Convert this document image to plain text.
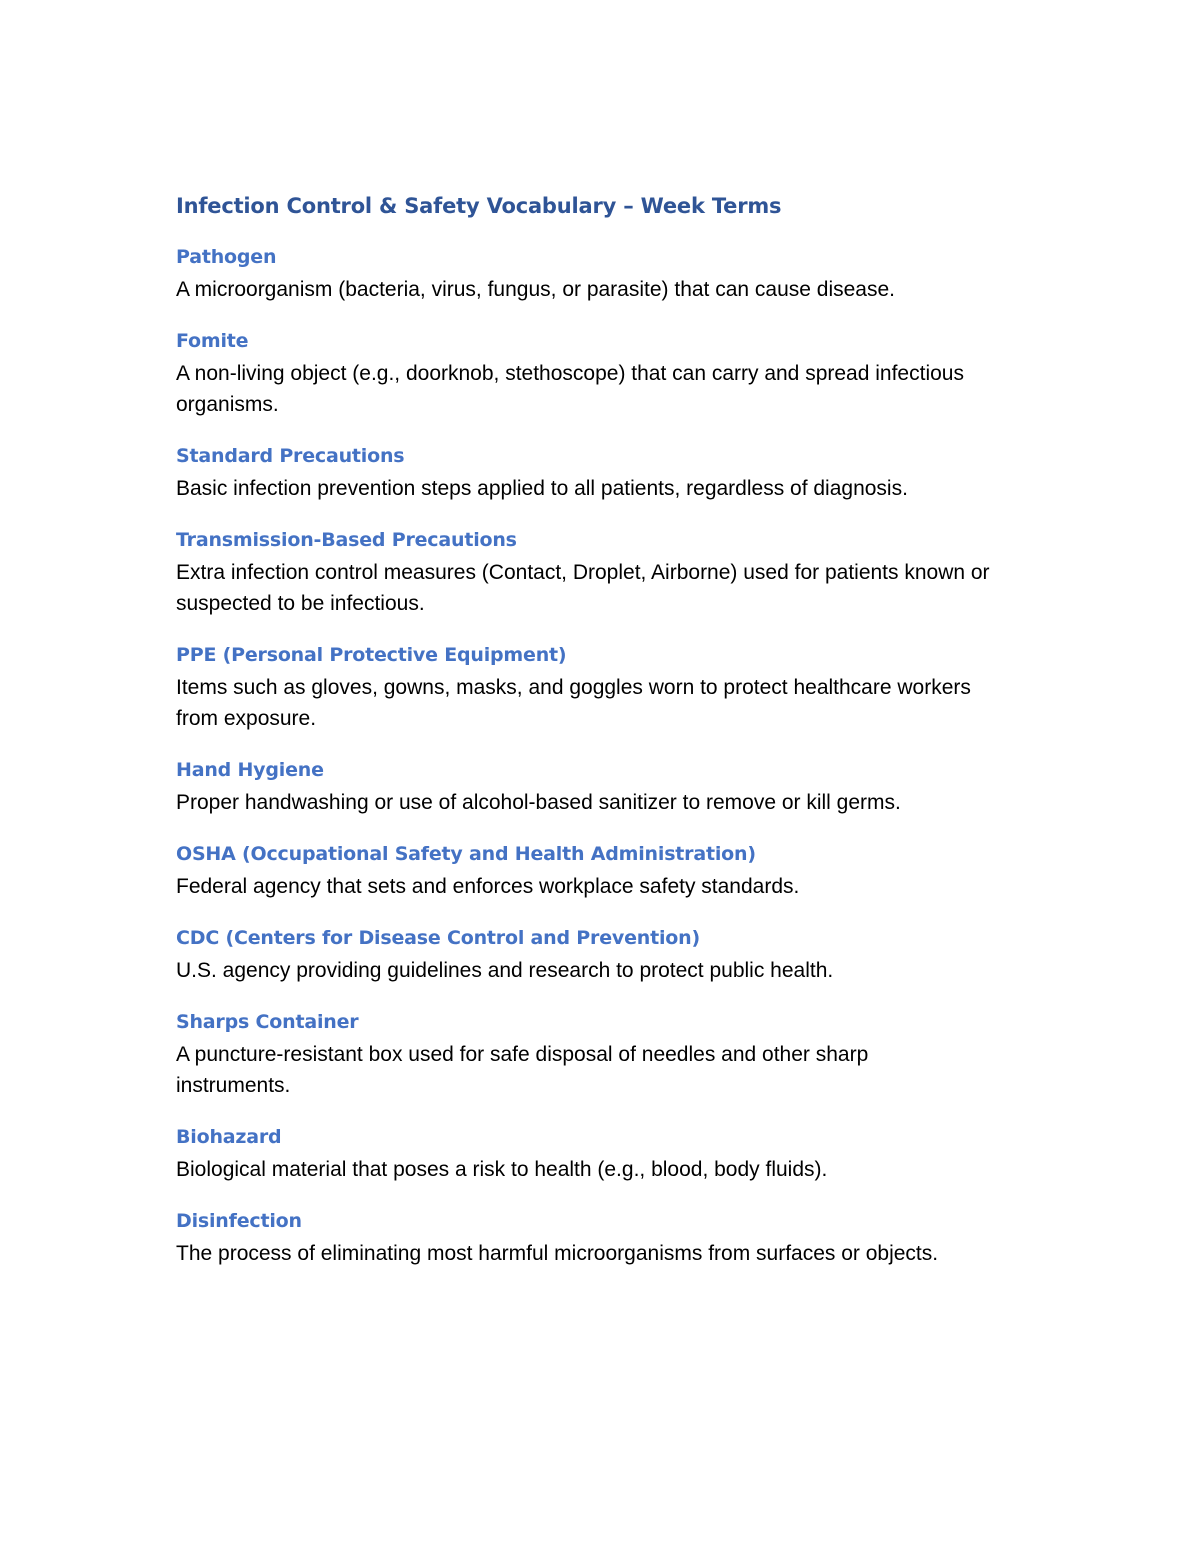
Infection Control & Safety Vocabulary – Week Terms
Pathogen

A microorganism (bacteria, virus, fungus, or parasite) that can cause disease.

Fomite

A non-living object (e.g., doorknob, stethoscope) that can carry and spread infectious organisms.

Standard Precautions

Basic infection prevention steps applied to all patients, regardless of diagnosis.

Transmission-Based Precautions

Extra infection control measures (Contact, Droplet, Airborne) used for patients known or suspected to be infectious.

PPE (Personal Protective Equipment)

Items such as gloves, gowns, masks, and goggles worn to protect healthcare workers from exposure.

Hand Hygiene

Proper handwashing or use of alcohol-based sanitizer to remove or kill germs.

OSHA (Occupational Safety and Health Administration)

Federal agency that sets and enforces workplace safety standards.

CDC (Centers for Disease Control and Prevention)

U.S. agency providing guidelines and research to protect public health.

Sharps Container

A puncture-resistant box used for safe disposal of needles and other sharp instruments.

Biohazard

Biological material that poses a risk to health (e.g., blood, body fluids).

Disinfection

The process of eliminating most harmful microorganisms from surfaces or objects.
